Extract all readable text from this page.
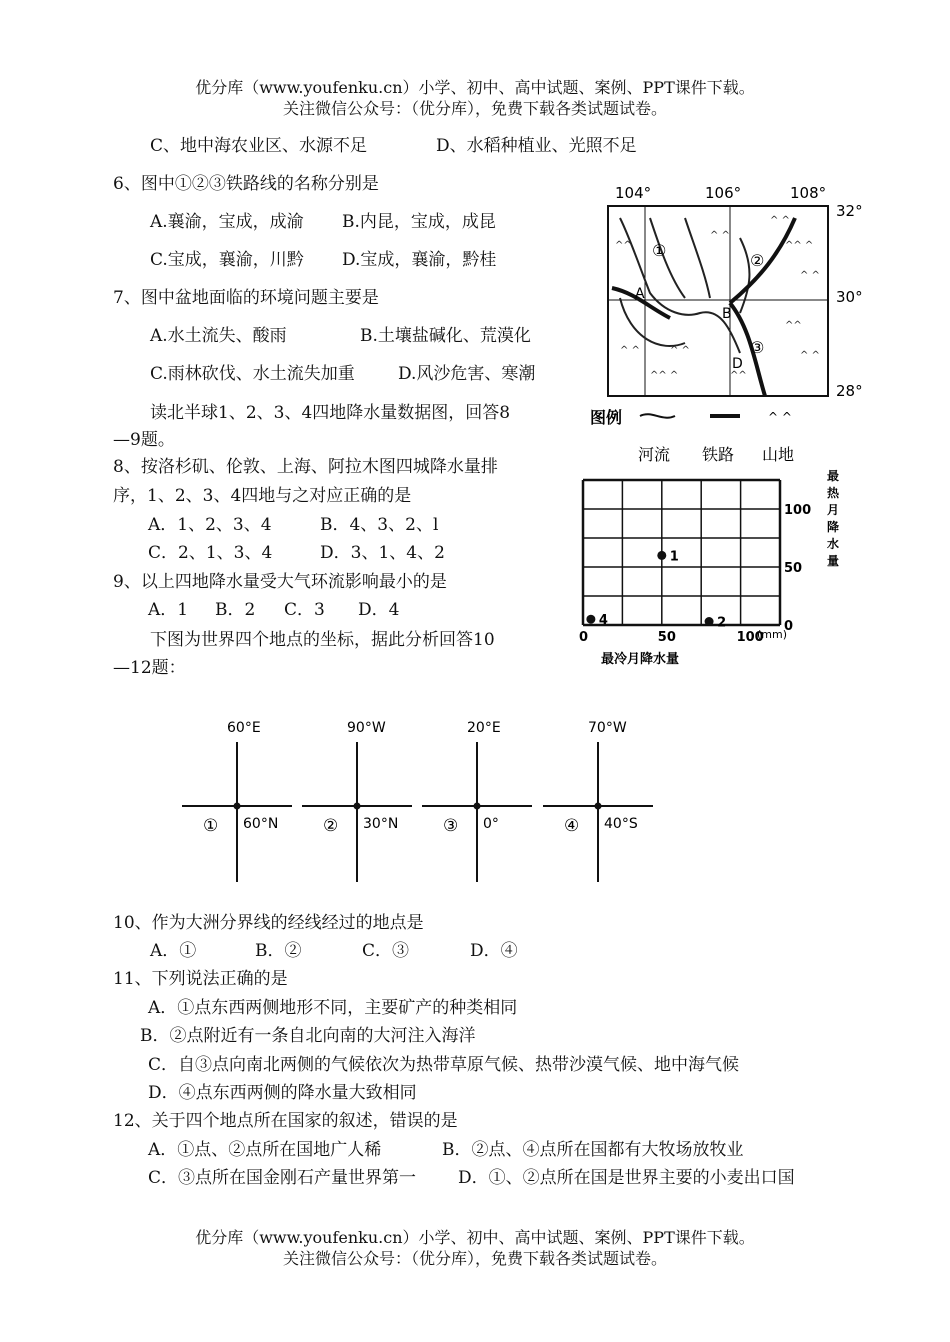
优分库（www.youfenku.cn）小学、初中、高中试题、案例、PPT课件下载。
关注微信公众号：（优分库），免费下载各类试题试卷。
C、地中海农业区、水源不足	D、水稻种植业、光照不足
6、图中①②③铁路线的名称分别是
A.襄渝，宝成，成渝 B.内昆，宝成，成昆
C.宝成，襄渝，川黔 D.宝成，襄渝，黔桂
7、图中盆地面临的环境问题主要是
A.水土流失、酸雨	B.土壤盐碱化、荒漠化
C.雨林砍伐、水土流失加重	D.风沙危害、寒潮
读北半球1、2、3、4四地降水量数据图，回答8
—9题。
8、按洛杉矶、伦敦、上海、阿拉木图四城降水量排
序，1、2、3、4四地与之对应正确的是
A．1、2、3、4	B．4、3、2、l
C．2、1、3、4	D．3、1、4、2
9、以上四地降水量受大气环流影响最小的是
A．1 B．2 C．3 D．4
下图为世界四个地点的坐标，据此分析回答10
—12题：
104°	106°	108°
32°
30°
28°
^ ^
^^ ^
^ ^
^^
^ ^
^ ^
^^ ^
^ ^
^^
^ ^
^^
①
②
③
A
B
D
图例	^ ^
河流 铁路 山地
1
2
4
0	50	100
0
50
100
最冷月降水量
(mm)
最热月降水量
60°E
60°N
①
90°W
30°N
②
20°E
0°
③
70°W
40°S
④
10、作为大洲分界线的经线经过的地点是
A．①	B．②	C．③	D．④
11、下列说法正确的是
A．①点东西两侧地形不同，主要矿产的种类相同
B．②点附近有一条自北向南的大河注入海洋
C．自③点向南北两侧的气候依次为热带草原气候、热带沙漠气候、地中海气候
D．④点东西两侧的降水量大致相同
12、关于四个地点所在国家的叙述，错误的是
A．①点、②点所在国地广人稀	B．②点、④点所在国都有大牧场放牧业
C．③点所在国金刚石产量世界第一 D．①、②点所在国是世界主要的小麦出口国
优分库（www.youfenku.cn）小学、初中、高中试题、案例、PPT课件下载。
关注微信公众号：（优分库），免费下载各类试题试卷。
